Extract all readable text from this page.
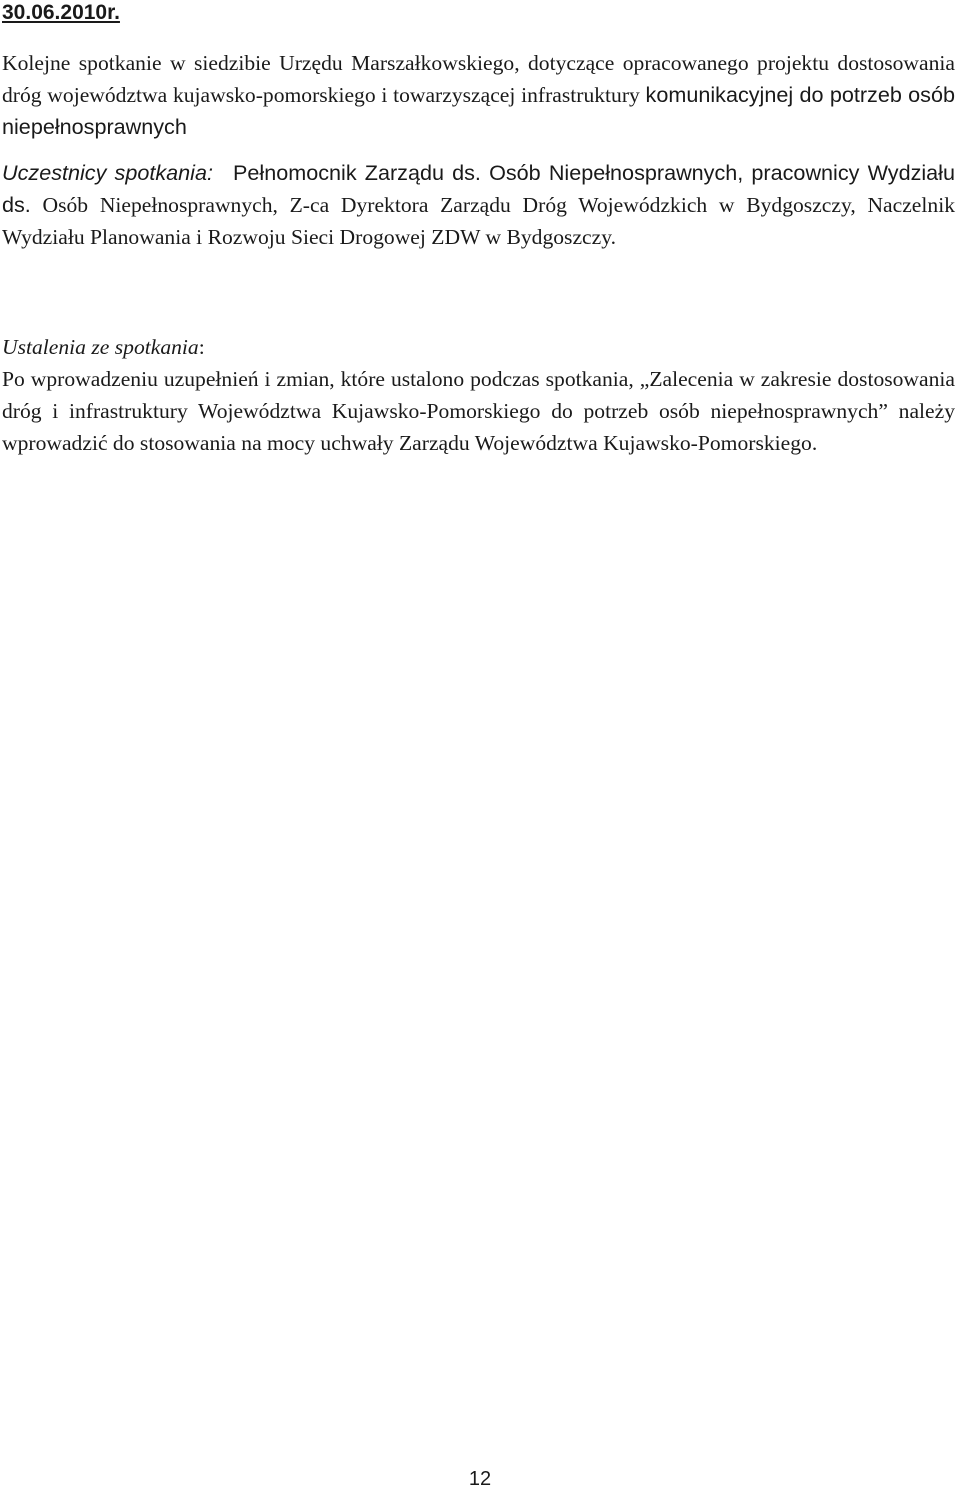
30.06.2010r.

Kolejne spotkanie w siedzibie Urzędu Marszałkowskiego, dotyczące opracowanego projektu dostosowania dróg województwa kujawsko-pomorskiego i towarzyszącej infrastruktury komunikacyjnej do potrzeb osób niepełnosprawnych

Uczestnicy spotkania: Pełnomocnik Zarządu ds. Osób Niepełnosprawnych, pracownicy Wydziału ds. Osób Niepełnosprawnych, Z-ca Dyrektora Zarządu Dróg Wojewódzkich w Bydgoszczy, Naczelnik Wydziału Planowania i Rozwoju Sieci Drogowej ZDW w Bydgoszczy.

Ustalenia ze spotkania:
Po wprowadzeniu uzupełnień i zmian, które ustalono podczas spotkania, „Zalecenia w zakresie dostosowania dróg i infrastruktury Województwa Kujawsko-Pomorskiego do potrzeb osób niepełnosprawnych” należy wprowadzić do stosowania na mocy uchwały Zarządu Województwa Kujawsko-Pomorskiego.

12
